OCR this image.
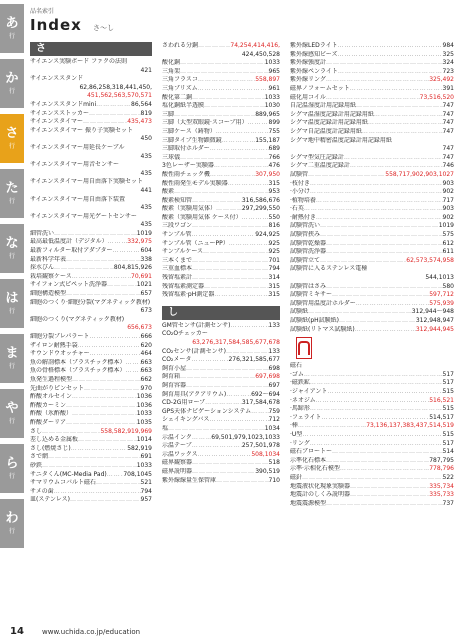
あ
行
か
行
さ
行
た
行
な
行
は
行
ま
行
や
行
ら
行
わ
行
品名索引
Index さ～し
さ
サイエンス実験ボード ファクの法則
421
サイエンススタンド
62,86,258,318,441,450,
451,562,563,570,571
サイエンススタンドmini ………………………………………………………………………………	86,564
サイエンスストッカー ………………………………………………………………………………	819
サイエンスタイマー ………………………………………………………………………………	435,473
サイエンスタイマー 振り子実験セット
450
サイエンスタイマー用延長ケーブル
435
サイエンスタイマー用音センサー
435
サイエンスタイマー用自由落下実験セット
441
サイエンスタイマー用自由落下装置
435
サイエンスタイマー用光ゲートセンサー
435
細管洗い ………………………………………………………………………………	1019
最高最低温度計（デジタル） ………………………………………………………………………………	332,975
最新フィルター取付アダプター ………………………………………………………………………………	604
最新科学年表 ………………………………………………………………………………	338
採水びん ………………………………………………………………………………	804,815,926
栽培観察ケース ………………………………………………………………………………	70,691
サイフォン式ピペット洗浄器 ………………………………………………………………………………	1021
細胞構造模型 ………………………………………………………………………………	657
細胞のつくり·細胞分裂(マグネティック教材)
673
細胞のつくり(マグネティック教材)
656,673
細胞分裂プレパラート ………………………………………………………………………………	666
ザイロン耐熱手袋 ………………………………………………………………………………	620
サウンドウオッチャー ………………………………………………………………………………	464
魚の解剖標本（プラスチック標本） ………………………………………………………………………………	663
魚の骨格標本（プラスチック標本） ………………………………………………………………………………	663
魚発生過程模型 ………………………………………………………………………………	662
先曲がりピンセット ………………………………………………………………………………	970
酢酸オルセイン ………………………………………………………………………………	1036
酢酸カーミン ………………………………………………………………………………	1036
酢酸（氷酢酸） ………………………………………………………………………………	1033
酢酸ダーリア ………………………………………………………………………………	1035
さし ………………………………………………………………………………	558,582,919,969
差し込める金属板 ………………………………………………………………………………	1014
さし(燃焼さじ) ………………………………………………………………………………	582,919
さで網 ………………………………………………………………………………	691
砂鉄 ………………………………………………………………………………	1033
サニタくん(MC-Media Pad) ………………………………………………………………………………	708,1045
サマリウムコバルト磁石 ………………………………………………………………………………	521
サメの歯 ………………………………………………………………………………	794
皿(ステンレス) ………………………………………………………………………………	957
さわれる分銅 ………………………………………………………………………………	74,254,414,416,
424,450,528
酸化銅 ………………………………………………………………………………	1033
三角架 ………………………………………………………………………………	965
三角フラスコ ………………………………………………………………………………	558,897
三角プリズム ………………………………………………………………………………	961
酸化第二銅 ………………………………………………………………………………	1033
塩化銅紙半透膜 ………………………………………………………………………………	1030
三脚 ………………………………………………………………………………	889,965
三脚（大型双眼鏡·スコープ用） ………………………………………………………………………………	899
三脚ケース（鋳物） ………………………………………………………………………………	755
三脚タイプ生物顕微鏡 ………………………………………………………………………………	155,187
三脚取付ホルダー ………………………………………………………………………………	689
三球儀 ………………………………………………………………………………	766
3色レーザー実験器 ………………………………………………………………………………	476
酸性雨チェック機 ………………………………………………………………………………	307,950
酸性雨発生モデル実験器 ………………………………………………………………………………	315
酸素 ………………………………………………………………………………	953
酸素検知管 ………………………………………………………………………………	316,586,676
酸素（実験用気体） ………………………………………………………………………………	297,299,550
酸素（実験用気体 ケース付） ………………………………………………………………………………	550
三段ワゴン ………………………………………………………………………………	816
サンプル管 ………………………………………………………………………………	924,925
サンプル管（ニューPP） ………………………………………………………………………………	925
サンプルケース ………………………………………………………………………………	925
三本くまで ………………………………………………………………………………	701
三重血標本 ………………………………………………………………………………	794
残留塩素計 ………………………………………………………………………………	314
残留塩素測定器 ………………………………………………………………………………	315
残留塩素·pH測定器 ………………………………………………………………………………	315
し
GM管センサ(計測センサ) ………………………………………………………………………………	133
CO₂Oチェッカー
63,276,317,584,585,677,678
CO₂センサ(計測センサ) ………………………………………………………………………………	133
CO₂メータ ………………………………………………………………………………	276,321,585,677
飼育小屋 ………………………………………………………………………………	698
飼育箱 ………………………………………………………………………………	697,698
飼育容器 ………………………………………………………………………………	697
飼育用具(アクアリウム) ………………………………………………………………………………	692〜694
CD-2G用ロープ ………………………………………………………………………………	317,584,678
GPS天体ナビゲーションシステム ………………………………………………………………………………	759
シェイキングバス ………………………………………………………………………………	712
塩 ………………………………………………………………………………	1034
示温インク ………………………………………………………………………………	69,501,979,1023,1033
示温テープ ………………………………………………………………………………	257,501,978
示温ワックス ………………………………………………………………………………	508,1034
磁界観察器 ………………………………………………………………………………	518
磁界説明器 ………………………………………………………………………………	390,519
紫外線線量生保管庫 ………………………………………………………………………………	710
紫外線LEDライト ………………………………………………………………………………	984
紫外線感知ビーズ ………………………………………………………………………………	325
紫外線強度計 ………………………………………………………………………………	324
紫外線ペンライト ………………………………………………………………………………	723
紫外線リング ………………………………………………………………………………	325,492
磁界ノフォームセット ………………………………………………………………………………	391
磁化用コイル ………………………………………………………………………………	73,516,520
自記温湿度計用記録用紙 ………………………………………………………………………………	747
シグマ温湿度記録計用記録用紙 ………………………………………………………………………………	747
シグマ温度記録計用記録用紙 ………………………………………………………………………………	747
シグマ自記温度計記録用紙 ………………………………………………………………………………	747
シグマ地中精密温度記録計用記録用紙
747
シグマ型気圧記録計 ………………………………………………………………………………	747
シグマ二重温度記録計 ………………………………………………………………………………	746
試験管 ………………………………………………………………………………	558,717,902,903,1027
·枝付き ………………………………………………………………………………	903
·小分け ………………………………………………………………………………	902
·植物培養 ………………………………………………………………………………	717
·石英 ………………………………………………………………………………	903
·耐熱付き ………………………………………………………………………………	902
試験管洗い ………………………………………………………………………………	1019
試験管挟み ………………………………………………………………………………	575
試験管乾燥器 ………………………………………………………………………………	612
試験管洗浄器 ………………………………………………………………………………	611
試験管立て ………………………………………………………………………………	62,573,574,958
試験管に入るステンレス電極
544,1013
試験管はさみ ………………………………………………………………………………	580
試験管ミキサー ………………………………………………………………………………	597,712
試験管用温度計ホルダー ………………………………………………………………………………	575,939
試験紙 ………………………………………………………………………………	312,944〜948
試験紙(pH試験紙) ………………………………………………………………………………	312,948,947
試験紙(リトマス試験紙) ………………………………………………………………………………	312,944,945
磁石
·ゴム ………………………………………………………………………………	517
·磁鉄鉱 ………………………………………………………………………………	517
·ジャイアント ………………………………………………………………………………	515
·ネオジム ………………………………………………………………………………	516,521
·馬蹄形 ………………………………………………………………………………	515
·フェライト ………………………………………………………………………………	514,517
·棒 ………………………………………………………………………………	73,136,137,383,437,514,519
·U型 ………………………………………………………………………………	515
·リング ………………………………………………………………………………	517
磁石ブロートー ………………………………………………………………………………	514
示準化石標本 ………………………………………………………………………………	787,795
示準·示相化石模型 ………………………………………………………………………………	778,796
磁針 ………………………………………………………………………………	522
地震液状化現象実験器 ………………………………………………………………………………	335,734
地震計のしくみ説明器 ………………………………………………………………………………	335,733
地震震源模型 ………………………………………………………………………………	737
14	www.uchida.co.jp/education
